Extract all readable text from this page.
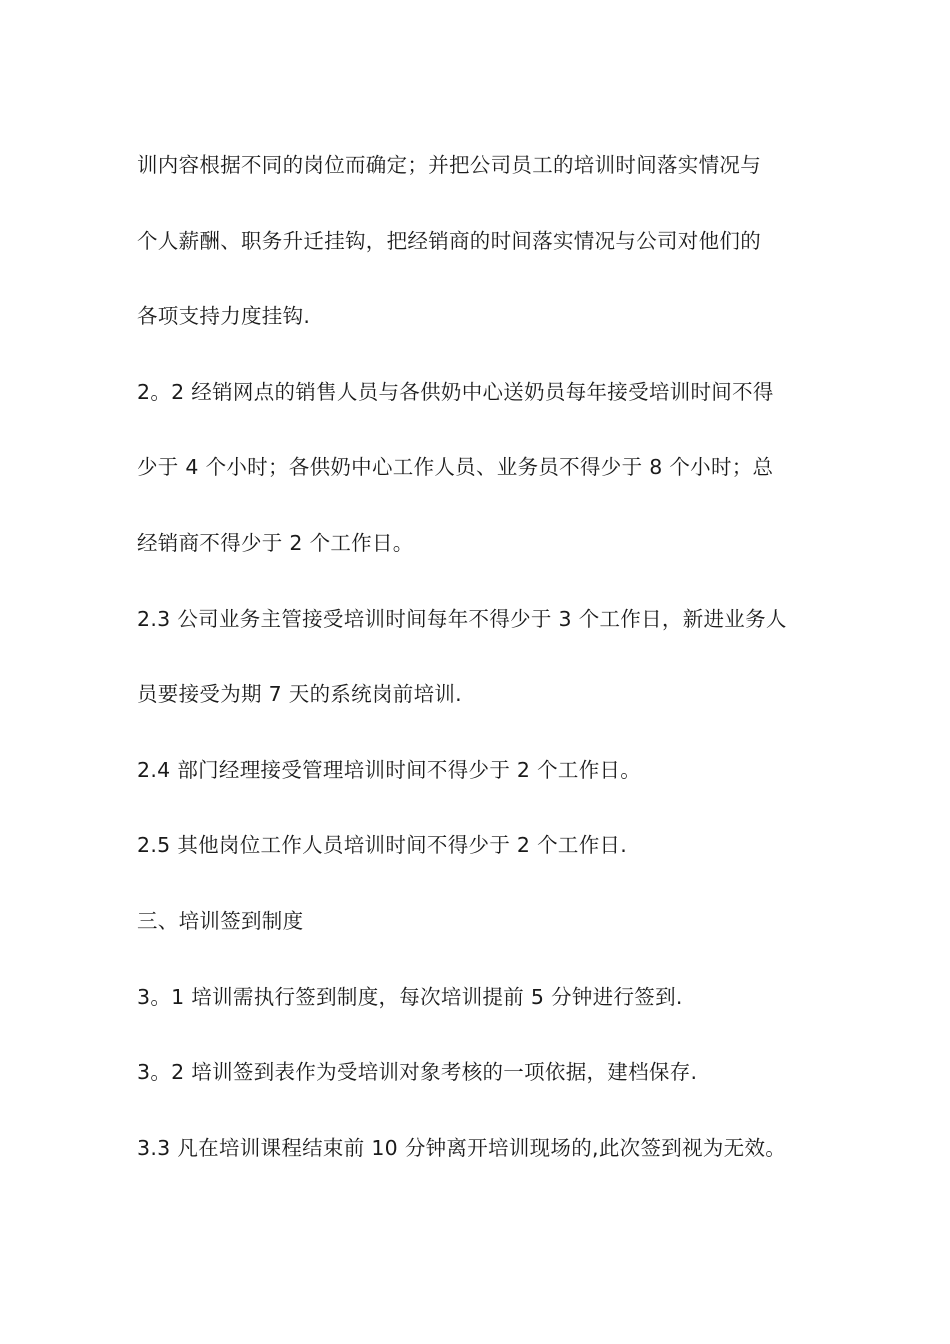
训内容根据不同的岗位而确定；并把公司员工的培训时间落实情况与
个人薪酬、职务升迁挂钩，把经销商的时间落实情况与公司对他们的
各项支持力度挂钩.
2。2 经销网点的销售人员与各供奶中心送奶员每年接受培训时间不得
少于 4 个小时；各供奶中心工作人员、业务员不得少于 8 个小时；总
经销商不得少于 2 个工作日。
2.3 公司业务主管接受培训时间每年不得少于 3 个工作日，新进业务人
员要接受为期 7 天的系统岗前培训.
2.4 部门经理接受管理培训时间不得少于 2 个工作日。
2.5 其他岗位工作人员培训时间不得少于 2 个工作日.
三、培训签到制度
3。1 培训需执行签到制度，每次培训提前 5 分钟进行签到.
3。2 培训签到表作为受培训对象考核的一项依据，建档保存.
3.3 凡在培训课程结束前 10 分钟离开培训现场的,此次签到视为无效。
